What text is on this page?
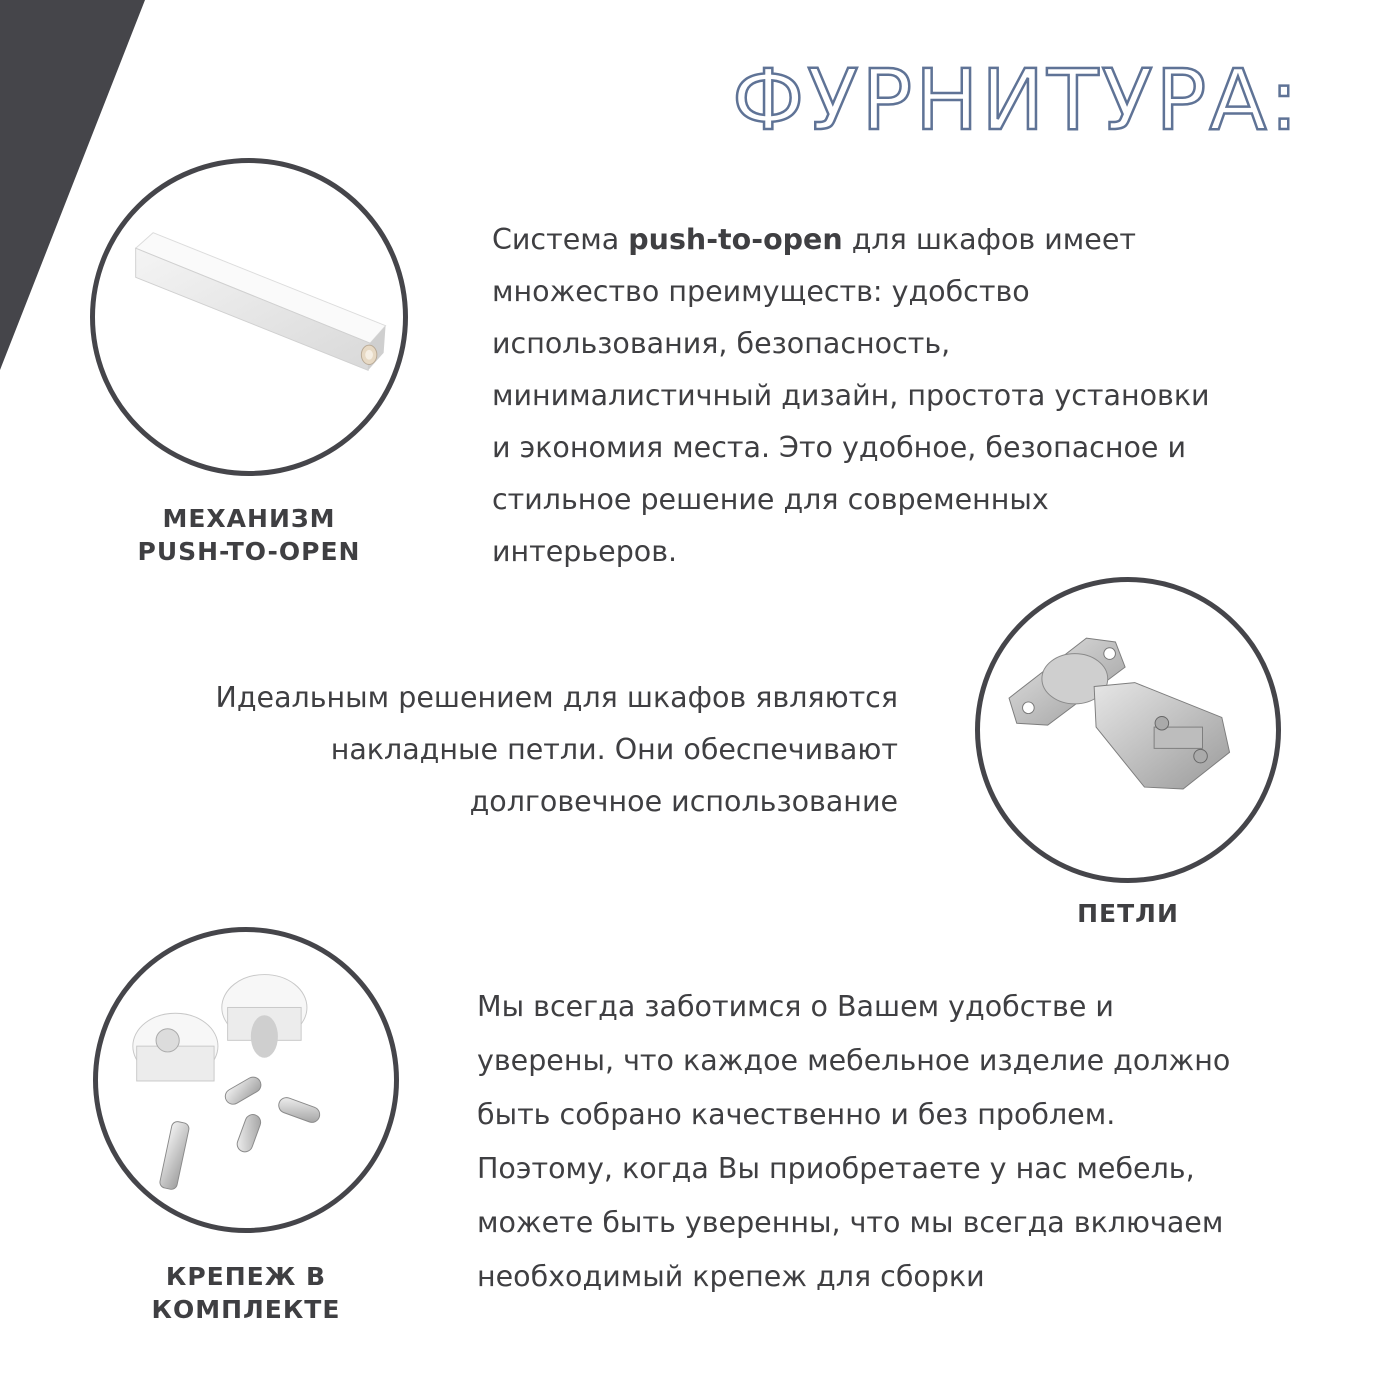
ФУРНИТУРА:
МЕХАНИЗМ
PUSH-TO-OPEN
Система push-to-open для шкафов имеет
множество преимуществ: удобство
использования, безопасность,
минималистичный дизайн, простота установки
и экономия места. Это удобное, безопасное и
стильное решение для современных
интерьеров.
Идеальным решением для шкафов являются
накладные петли. Они обеспечивают
долговечное использование
ПЕТЛИ
КРЕПЕЖ В
КОМПЛЕКТЕ
Мы всегда заботимся о Вашем удобстве и
уверены, что каждое мебельное изделие должно
быть собрано качественно и без проблем.
Поэтому, когда Вы приобретаете у нас мебель,
можете быть уверенны, что мы всегда включаем
необходимый крепеж для сборки
